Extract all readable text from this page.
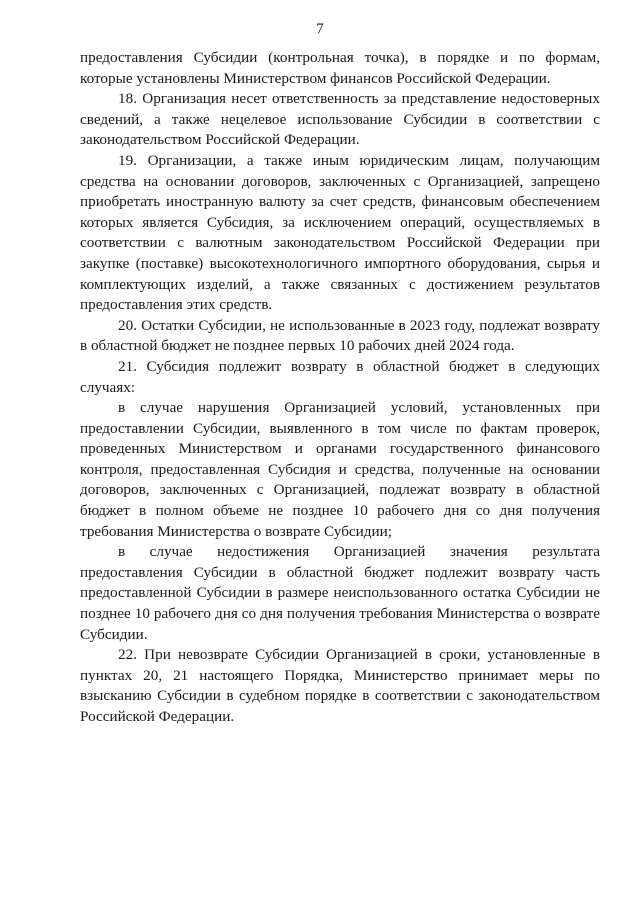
7

предоставления Субсидии (контрольная точка), в порядке и по формам, которые установлены Министерством финансов Российской Федерации.

18. Организация несет ответственность за представление недостоверных сведений, а также нецелевое использование Субсидии в соответствии с законодательством Российской Федерации.

19. Организации, а также иным юридическим лицам, получающим средства на основании договоров, заключенных с Организацией, запрещено приобретать иностранную валюту за счет средств, финансовым обеспечением которых является Субсидия, за исключением операций, осуществляемых в соответствии с валютным законодательством Российской Федерации при закупке (поставке) высокотехнологичного импортного оборудования, сырья и комплектующих изделий, а также связанных с достижением результатов предоставления этих средств.

20. Остатки Субсидии, не использованные в 2023 году, подлежат возврату в областной бюджет не позднее первых 10 рабочих дней 2024 года.

21. Субсидия подлежит возврату в областной бюджет в следующих случаях:

в случае нарушения Организацией условий, установленных при предоставлении Субсидии, выявленного в том числе по фактам проверок, проведенных Министерством и органами государственного финансового контроля, предоставленная Субсидия и средства, полученные на основании договоров, заключенных с Организацией, подлежат возврату в областной бюджет в полном объеме не позднее 10 рабочего дня со дня получения требования Министерства о возврате Субсидии;

в случае недостижения Организацией значения результата предоставления Субсидии в областной бюджет подлежит возврату часть предоставленной Субсидии в размере неиспользованного остатка Субсидии не позднее 10 рабочего дня со дня получения требования Министерства о возврате Субсидии.

22. При невозврате Субсидии Организацией в сроки, установленные в пунктах 20, 21 настоящего Порядка, Министерство принимает меры по взысканию Субсидии в судебном порядке в соответствии с законодательством Российской Федерации.
